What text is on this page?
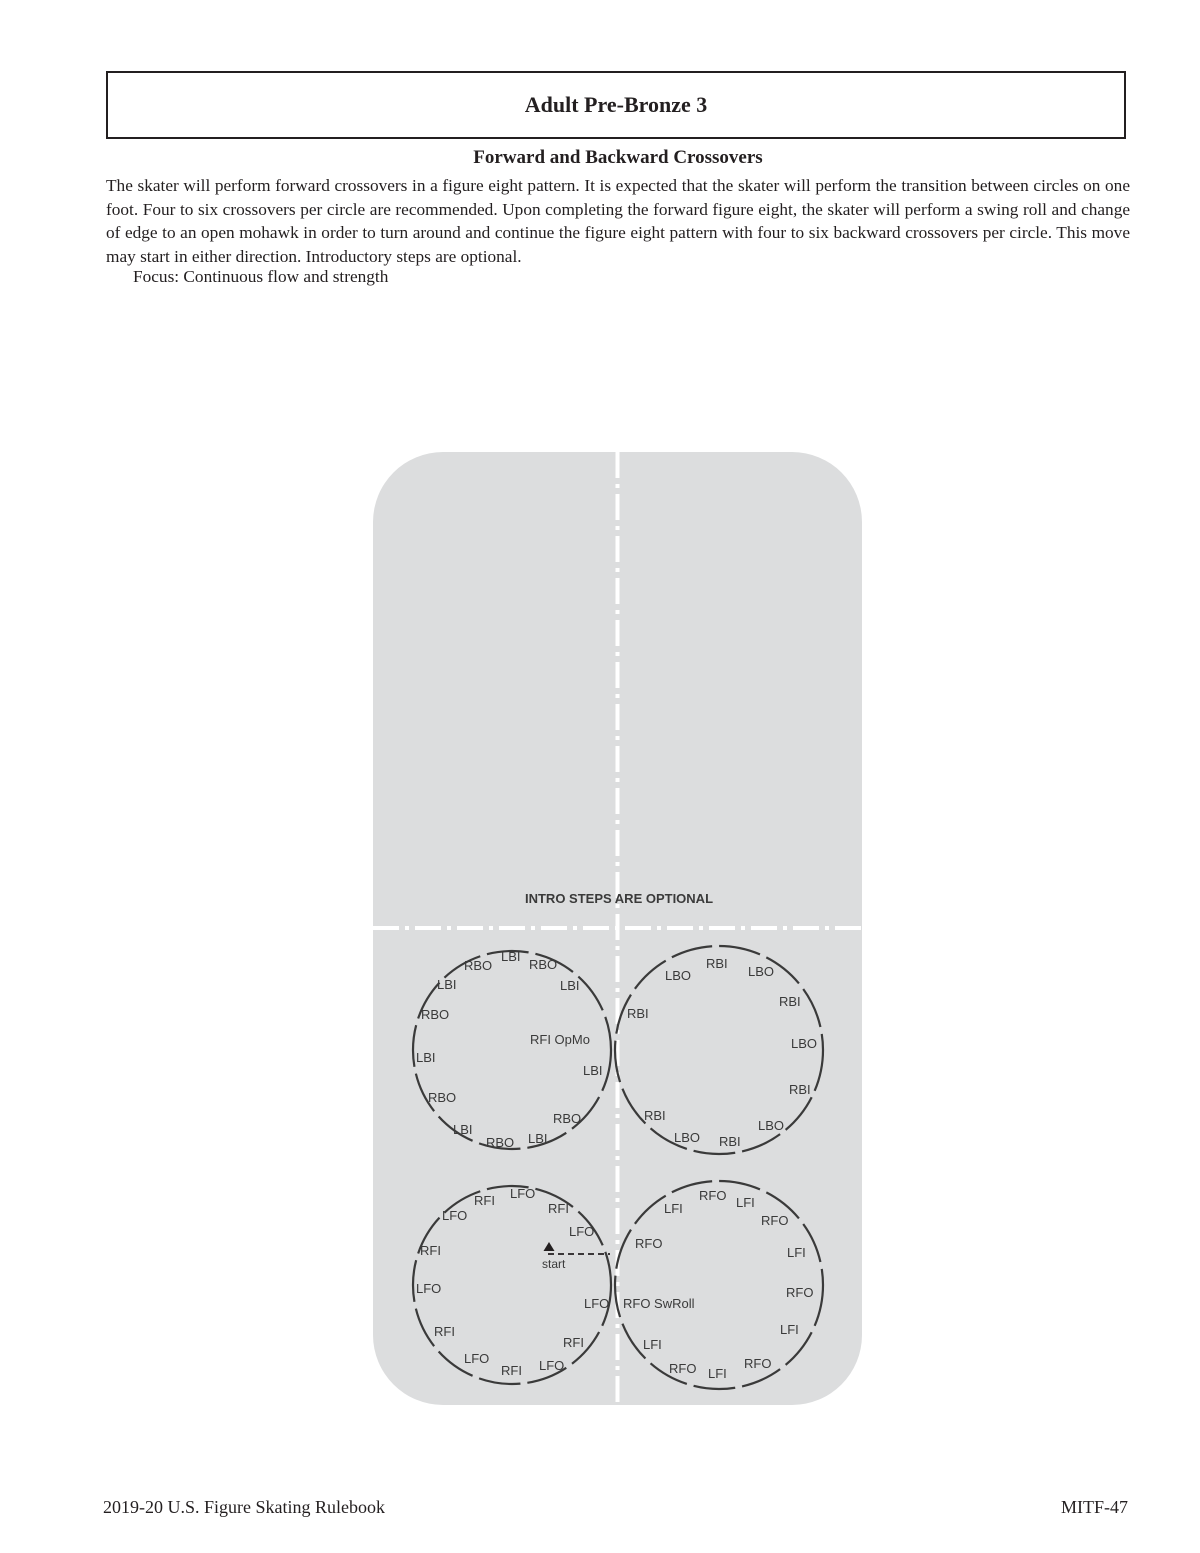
Adult Pre-Bronze 3
Forward and Backward Crossovers

The skater will perform forward crossovers in a figure eight pattern. It is expected that the skater will perform the transition between circles on one foot. Four to six crossovers per circle are recommended. Upon completing the forward figure eight, the skater will perform a swing roll and change of edge to an open mohawk in order to turn around and continue the figure eight pattern with four to six backward crossovers per circle. This move may start in either direction. Introductory steps are optional.

Focus: Continuous flow and strength
INTRO STEPS ARE OPTIONAL
start
RBO
LBI
RBO
LBI	LBI
RBO
RFI OpMo
LBI
LBI
RBO
RBO
LBI
RBO LBI
LBO
RBI
LBO
RBI
RBI
LBO
RBI
RBI
LBO
LBO RBI
RFI LFO
LFO	RFI
LFO
RFI
LFO
LFO
RFI
RFI
LFO
RFI LFO
RFO
LFI	LFI
RFO
RFO
LFI
RFO SwRoll
RFO
LFI
LFI
RFO
LFI
RFO
2019-20 U.S. Figure Skating Rulebook	MITF-47
